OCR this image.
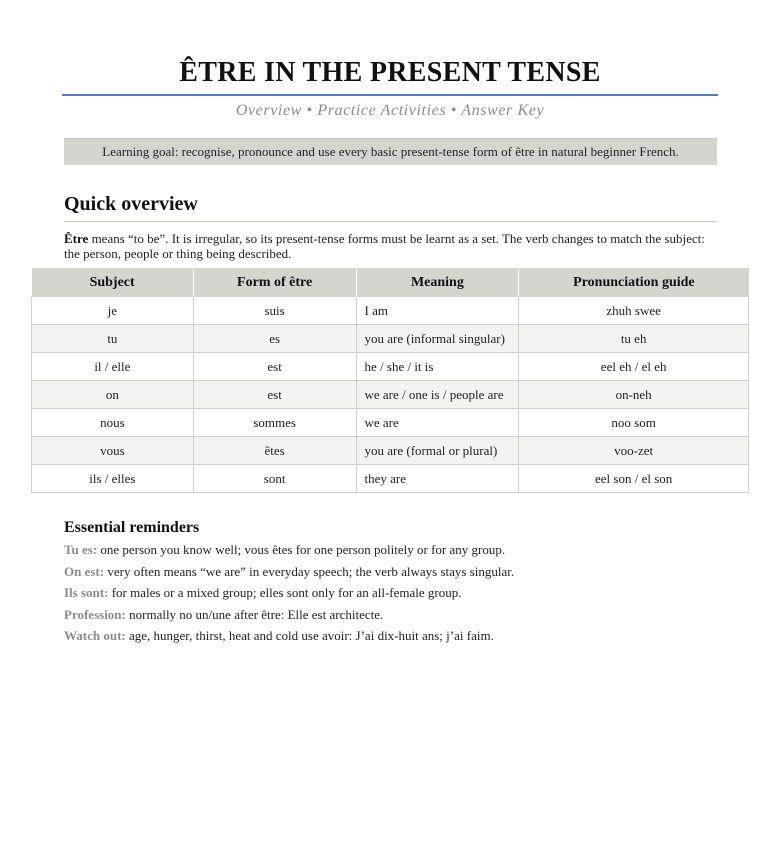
ÊTRE IN THE PRESENT TENSE
Overview • Practice Activities • Answer Key
Learning goal: recognise, pronounce and use every basic present-tense form of être in natural beginner French.
Quick overview
Être means “to be”. It is irregular, so its present-tense forms must be learnt as a set. The verb changes to match the subject: the person, people or thing being described.
Subject	Form of être	Meaning	Pronunciation guide
je	suis	I am	zhuh swee
tu	es	you are (informal singular)	tu eh
il / elle	est	he / she / it is	eel eh / el eh
on	est	we are / one is / people are	on-neh
nous	sommes	we are	noo som
vous	êtes	you are (formal or plural)	voo-zet
ils / elles	sont	they are	eel son / el son
Essential reminders
Tu es: one person you know well; vous êtes for one person politely or for any group.
On est: very often means “we are” in everyday speech; the verb always stays singular.
Ils sont: for males or a mixed group; elles sont only for an all-female group.
Profession: normally no un/une after être: Elle est architecte.
Watch out: age, hunger, thirst, heat and cold use avoir: J’ai dix-huit ans; j’ai faim.
